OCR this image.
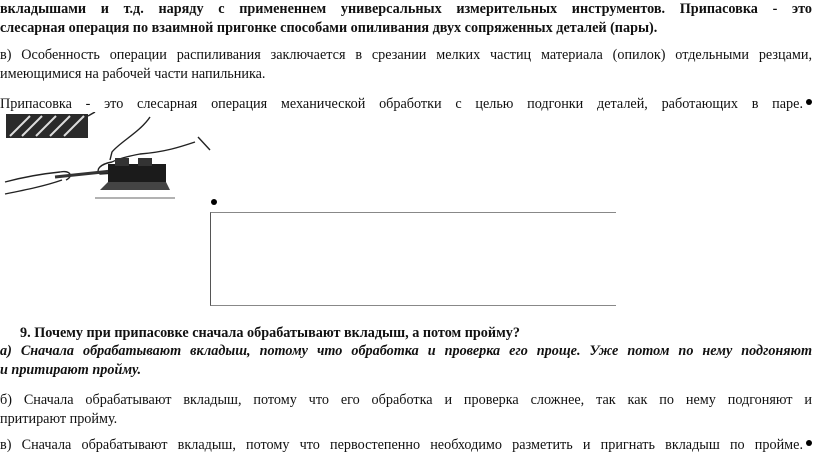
вкладышами и т.д. наряду с примененнем универсальных измерительных инструментов. Припасовка - это
слесарная операция по взаимной пригонке способами опиливания двух сопряженных деталей (пары).
в) Особенность операции распиливания заключается в срезании мелких частиц материала (опилок) отдельными резцами,
имеющимися на рабочей части напильника.
Припасовка - это слесарная операция механической обработки с целью подгонки деталей, работающих в паре.
9. Почему при припасовке сначала обрабатывают вкладыш, а потом пройму?
а) Сначала обрабатывают вкладыш, потому что обработка и проверка его проще. Уже потом по нему подгоняют
и притирают пройму.
б) Сначала обрабатывают вкладыш, потому что его обработка и проверка сложнее, так как по нему подгоняют и
притирают пройму.
в) Сначала обрабатывают вкладыш, потому что первостепенно необходимо разметить и пригнать вкладыш по пройме.
